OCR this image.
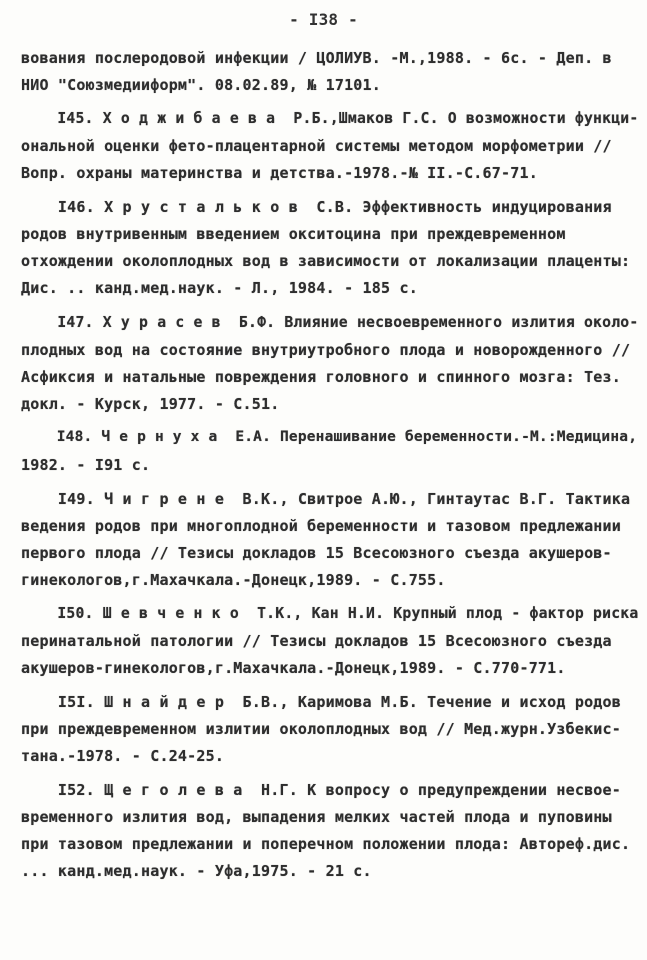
- I38 -
вования послеродовой инфекции / ЦОЛИУВ. -М.,1988. - 6с. - Деп. в
НИО "Союзмедииформ". 08.02.89, № 17101.
I45. Х о д ж и б а е в а  Р.Б.,Шмаков Г.С. О возможности функци-
ональной оценки фето-плацентарной системы методом морфометрии //
Вопр. охраны материнства и детства.-1978.-№ II.-С.67-71.
I46. Х р у с т а л ь к о в  С.В. Эффективность индуцирования
родов внутривенным введением окситоцина при преждевременном
отхождении околоплодных вод в зависимости от локализации плаценты:
Дис. .. канд.мед.наук. - Л., 1984. - 185 с.
I47. Х у р а с е в  Б.Ф. Влияние несвоевременного излития около-
плодных вод на состояние внутриутробного плода и новорожденного //
Асфиксия и натальные повреждения головного и спинного мозга: Тез.
докл. - Курск, 1977. - С.51.
I48. Ч е р н у х а  Е.А. Перенашивание беременности.-М.:Медицина,
1982. - I91 с.
I49. Ч и г р е н е  В.К., Свитрое А.Ю., Гинтаутас В.Г. Тактика
ведения родов при многоплодной беременности и тазовом предлежании
первого плода // Тезисы докладов 15 Всесоюзного съезда акушеров-
гинекологов,г.Махачкала.-Донецк,1989. - С.755.
I50. Ш е в ч е н к о  Т.К., Кан Н.И. Крупный плод - фактор риска
перинатальной патологии // Тезисы докладов 15 Всесоюзного съезда
акушеров-гинекологов,г.Махачкала.-Донецк,1989. - С.770-771.
I5I. Ш н а й д е р  Б.В., Каримова М.Б. Течение и исход родов
при преждевременном излитии околоплодных вод // Мед.журн.Узбекис-
тана.-1978. - С.24-25.
I52. Щ е г о л е в а  Н.Г. К вопросу о предупреждении несвое-
временного излития вод, выпадения мелких частей плода и пуповины
при тазовом предлежании и поперечном положении плода: Автореф.дис.
... канд.мед.наук. - Уфа,1975. - 21 с.
